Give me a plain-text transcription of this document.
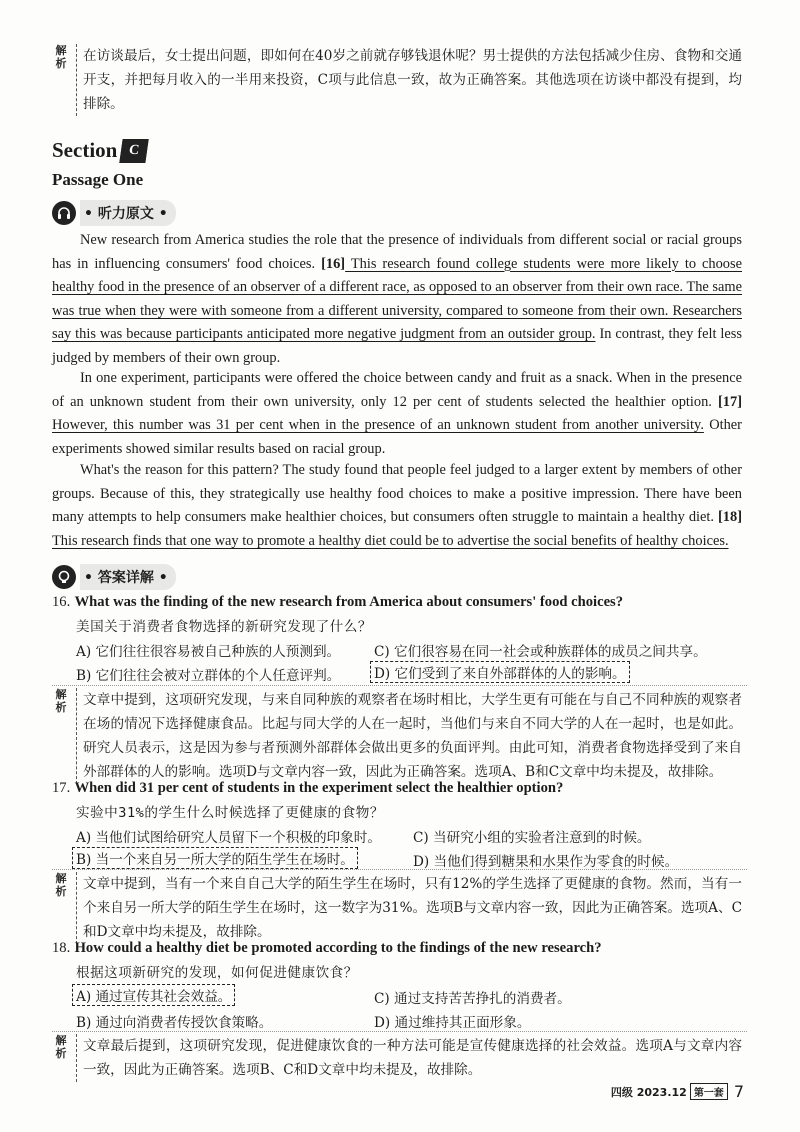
解
析	在访谈最后，女士提出问题，即如何在40岁之前就存够钱退休呢？男士提供的方法包括减少住房、食物和交通开支，并把每月收入的一半用来投资，C项与此信息一致，故为正确答案。其他选项在访谈中都没有提到，均排除。
Section C
Passage One
• 听力原文 •

New research from America studies the role that the presence of individuals from different social or racial groups has in influencing consumers' food choices. [16] This research found college students were more likely to choose healthy food in the presence of an observer of a different race, as opposed to an observer from their own race. The same was true when they were with someone from a different university, compared to someone from their own. Researchers say this was because participants anticipated more negative judgment from an outsider group. In contrast, they felt less judged by members of their own group.

In one experiment, participants were offered the choice between candy and fruit as a snack. When in the presence of an unknown student from their own university, only 12 per cent of students selected the healthier option. [17] However, this number was 31 per cent when in the presence of an unknown student from another university. Other experiments showed similar results based on racial group.

What's the reason for this pattern? The study found that people feel judged to a larger extent by members of other groups. Because of this, they strategically use healthy food choices to make a positive impression. There have been many attempts to help consumers make healthier choices, but consumers often struggle to maintain a healthy diet. [18] This research finds that one way to promote a healthy diet could be to advertise the social benefits of healthy choices.

• 答案详解 •
16. What was the finding of the new research from America about consumers' food choices?
美国关于消费者食物选择的新研究发现了什么？
A) 它们往往很容易被自己种族的人预测到。 C) 它们很容易在同一社会或种族群体的成员之间共享。
B) 它们往往会被对立群体的个人任意评判。 D) 它们受到了来自外部群体的人的影响。
解
析	文章中提到，这项研究发现，与来自同种族的观察者在场时相比，大学生更有可能在与自己不同种族的观察者在场的情况下选择健康食品。比起与同大学的人在一起时，当他们与来自不同大学的人在一起时，也是如此。研究人员表示，这是因为参与者预测外部群体会做出更多的负面评判。由此可知，消费者食物选择受到了来自外部群体的人的影响。选项D与文章内容一致，因此为正确答案。选项A、B和C文章中均未提及，故排除。
17. When did 31 per cent of students in the experiment select the healthier option?
实验中31%的学生什么时候选择了更健康的食物？
A) 当他们试图给研究人员留下一个积极的印象时。 C) 当研究小组的实验者注意到的时候。
B) 当一个来自另一所大学的陌生学生在场时。	D) 当他们得到糖果和水果作为零食的时候。
解
析	文章中提到，当有一个来自自己大学的陌生学生在场时，只有12%的学生选择了更健康的食物。然而，当有一个来自另一所大学的陌生学生在场时，这一数字为31%。选项B与文章内容一致，因此为正确答案。选项A、C和D文章中均未提及，故排除。
18. How could a healthy diet be promoted according to the findings of the new research?
根据这项新研究的发现，如何促进健康饮食？
A) 通过宣传其社会效益。	C) 通过支持苦苦挣扎的消费者。
B) 通过向消费者传授饮食策略。	D) 通过维持其正面形象。
解
析	文章最后提到，这项研究发现，促进健康饮食的一种方法可能是宣传健康选择的社会效益。选项A与文章内容一致，因此为正确答案。选项B、C和D文章中均未提及，故排除。
四级 2023.12 第一套 7
